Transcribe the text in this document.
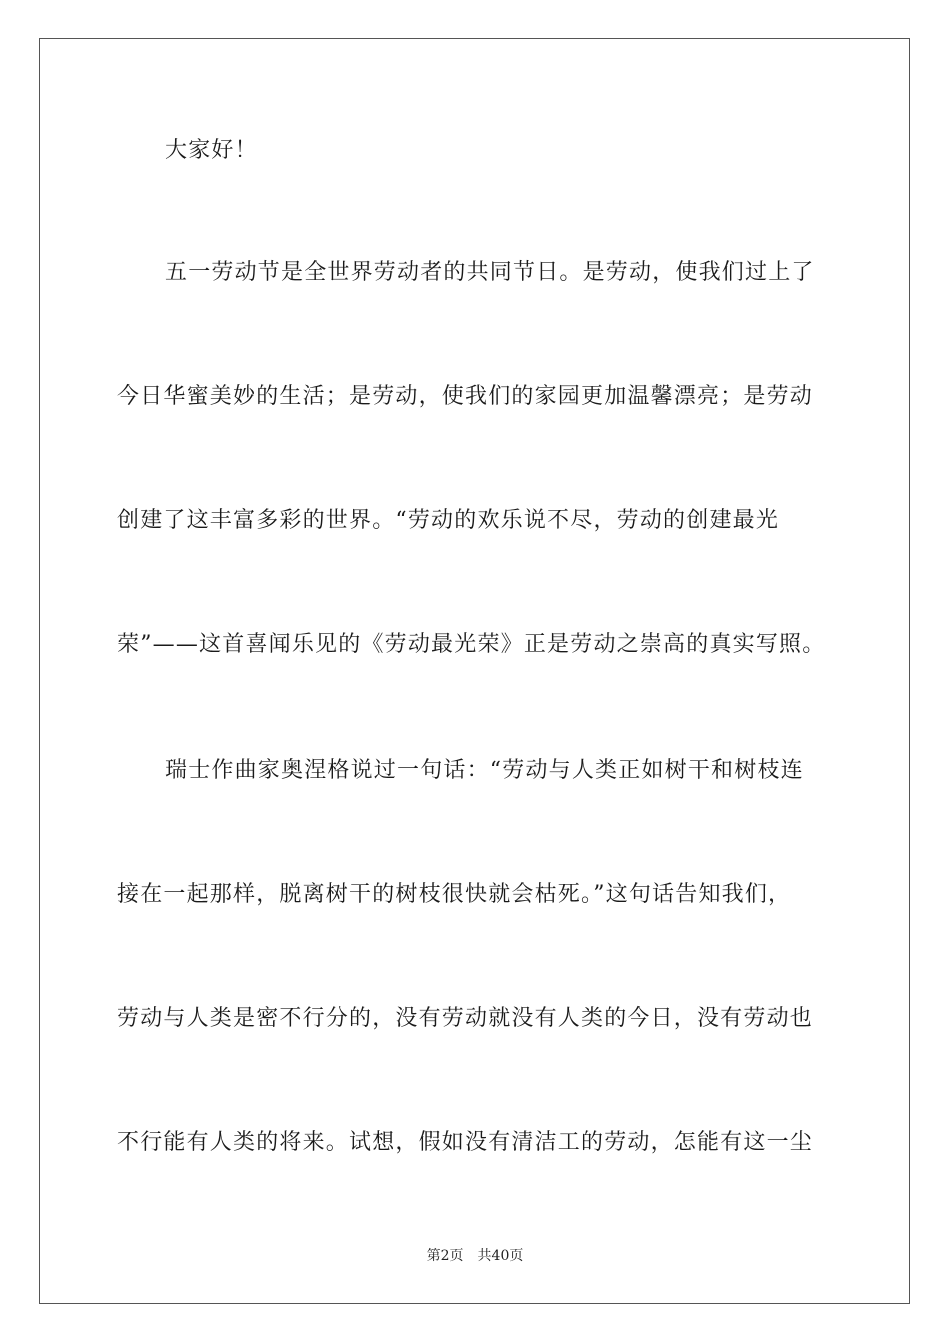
大家好！
五一劳动节是全世界劳动者的共同节日。是劳动，使我们过上了
今日华蜜美妙的生活；是劳动，使我们的家园更加温馨漂亮；是劳动
创建了这丰富多彩的世界。“劳动的欢乐说不尽，劳动的创建最光
荣”——这首喜闻乐见的《劳动最光荣》正是劳动之崇高的真实写照。
瑞士作曲家奥涅格说过一句话：“劳动与人类正如树干和树枝连
接在一起那样，脱离树干的树枝很快就会枯死。”这句话告知我们，
劳动与人类是密不行分的，没有劳动就没有人类的今日，没有劳动也
不行能有人类的将来。试想，假如没有清洁工的劳动，怎能有这一尘
第2页 共40页
